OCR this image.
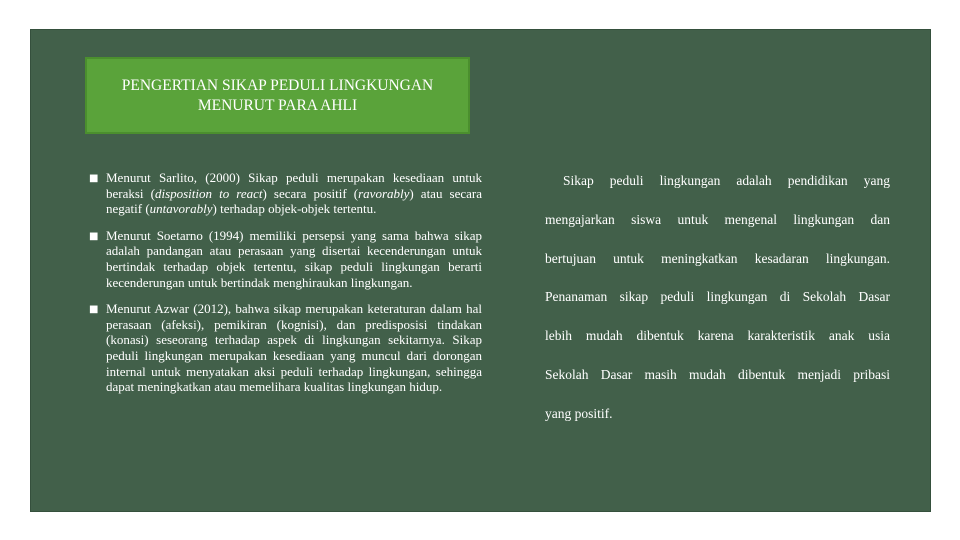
PENGERTIAN SIKAP PEDULI LINGKUNGAN
MENURUT PARA AHLI
■ Menurut Sarlito, (2000) Sikap peduli merupakan kesediaan untuk beraksi (disposition to react) secara positif (ravorably) atau secara negatif (untavorably) terhadap objek-objek tertentu.
■ Menurut Soetarno (1994) memiliki persepsi yang sama bahwa sikap adalah pandangan atau perasaan yang disertai kecenderungan untuk bertindak terhadap objek tertentu, sikap peduli lingkungan berarti kecenderungan untuk bertindak menghiraukan lingkungan.
■ Menurut Azwar (2012), bahwa sikap merupakan keteraturan dalam hal perasaan (afeksi), pemikiran (kognisi), dan predisposisi tindakan (konasi) seseorang terhadap aspek di lingkungan sekitarnya. Sikap peduli lingkungan merupakan kesediaan yang muncul dari dorongan internal untuk menyatakan aksi peduli terhadap lingkungan, sehingga dapat meningkatkan atau memelihara kualitas lingkungan hidup.
Sikap peduli lingkungan adalah pendidikan yang
mengajarkan siswa untuk mengenal lingkungan dan
bertujuan untuk meningkatkan kesadaran lingkungan.
Penanaman sikap peduli lingkungan di Sekolah Dasar
lebih mudah dibentuk karena karakteristik anak usia
Sekolah Dasar masih mudah dibentuk menjadi pribasi
yang positif.
